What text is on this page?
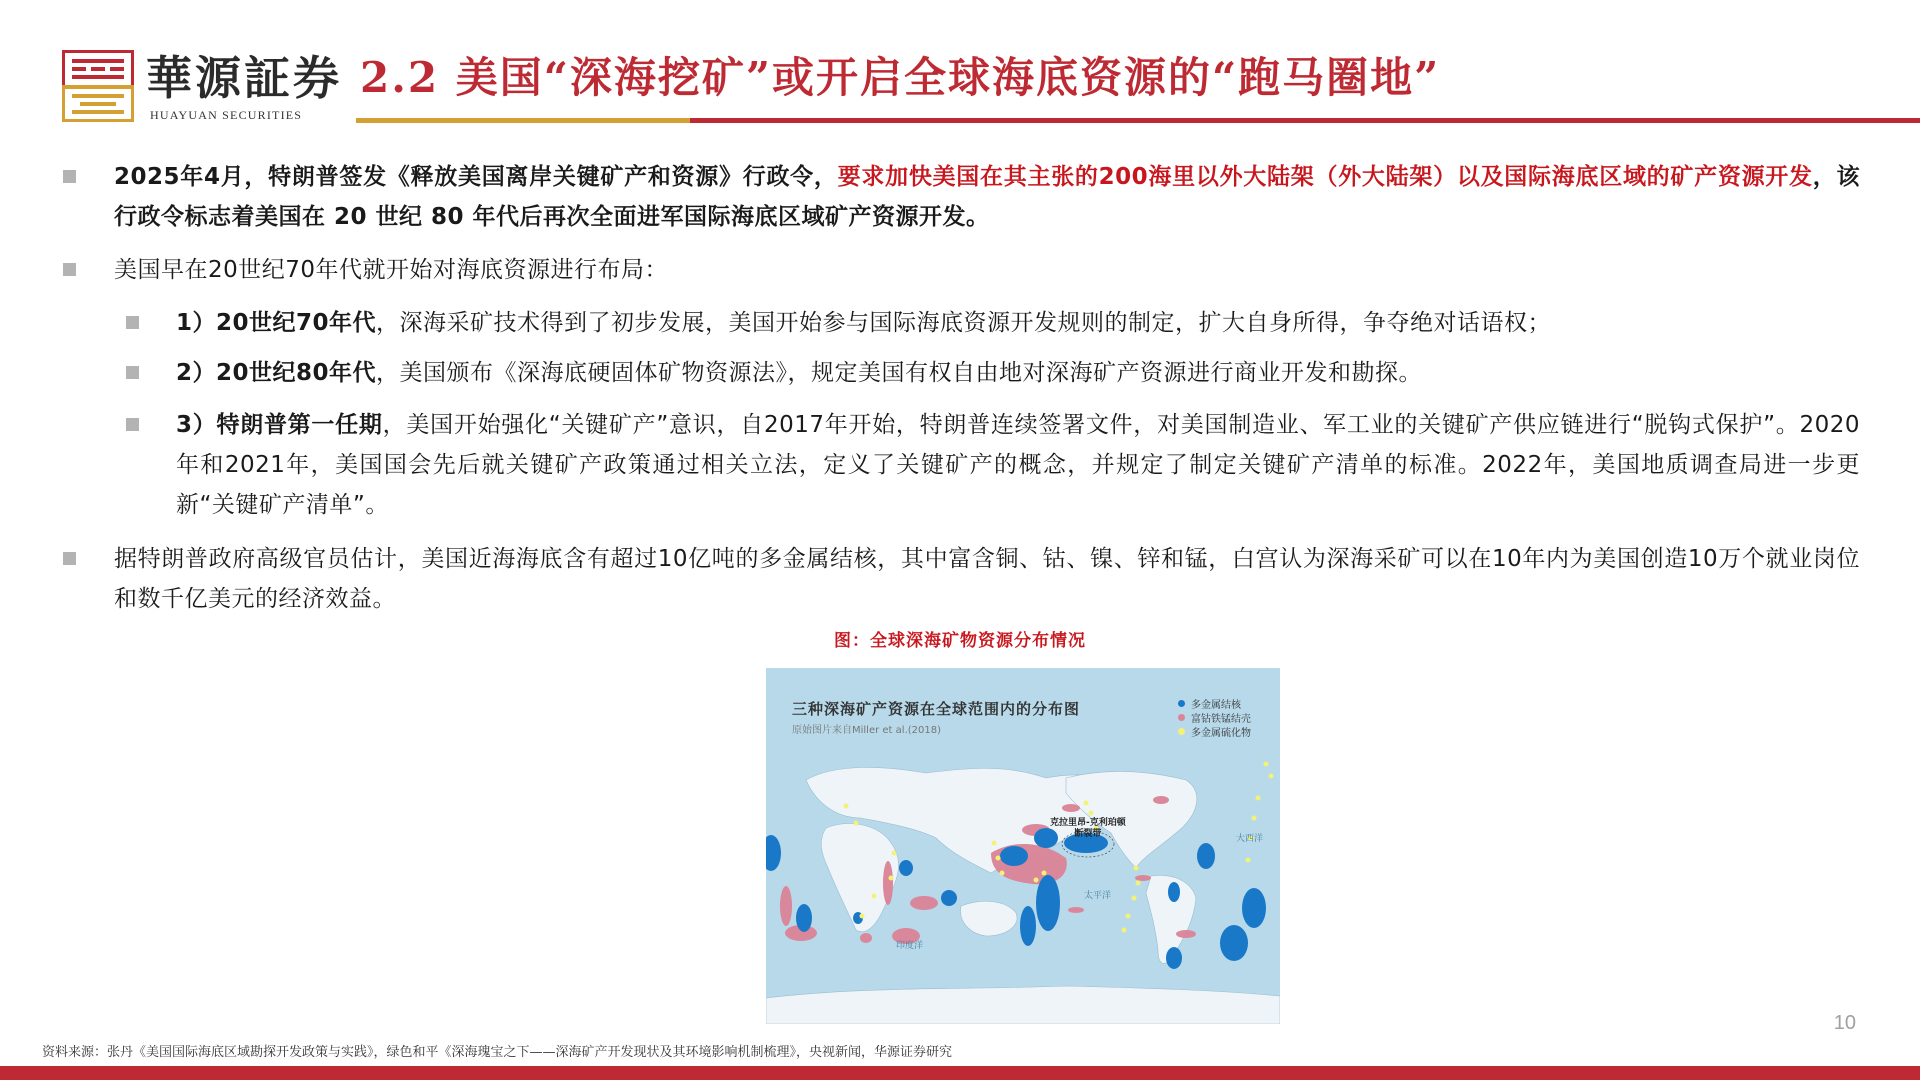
華源証券
HUAYUAN SECURITIES
2.2 美国“深海挖矿”或开启全球海底资源的“跑马圈地”
2025年4月，特朗普签发《释放美国离岸关键矿产和资源》行政令，要求加快美国在其主张的200海里以外大陆架（外大陆架）以及国际海底区域的矿产资源开发，该行政令标志着美国在 20 世纪 80 年代后再次全面进军国际海底区域矿产资源开发。
美国早在20世纪70年代就开始对海底资源进行布局：
1）20世纪70年代，深海采矿技术得到了初步发展，美国开始参与国际海底资源开发规则的制定，扩大自身所得，争夺绝对话语权；
2）20世纪80年代，美国颁布《深海底硬固体矿物资源法》，规定美国有权自由地对深海矿产资源进行商业开发和勘探。
3）特朗普第一任期，美国开始强化“关键矿产”意识，自2017年开始，特朗普连续签署文件，对美国制造业、军工业的关键矿产供应链进行“脱钩式保护”。2020年和2021年，美国国会先后就关键矿产政策通过相关立法，定义了关键矿产的概念，并规定了制定关键矿产清单的标准。2022年，美国地质调查局进一步更新“关键矿产清单”。
据特朗普政府高级官员估计，美国近海海底含有超过10亿吨的多金属结核，其中富含铜、钴、镍、锌和锰，白宫认为深海采矿可以在10年内为美国创造10万个就业岗位和数千亿美元的经济效益。
图：全球深海矿物资源分布情况
三种深海矿产资源在全球范围内的分布图
原始图片来自Miller et al.(2018)
多金属结核
富钴铁锰结壳
多金属硫化物
克拉里昂-克利珀顿
断裂带
太平洋
大西洋
印度洋
10
资料来源：张丹《美国国际海底区域勘探开发政策与实践》，绿色和平《深海瑰宝之下——深海矿产开发现状及其环境影响机制梳理》，央视新闻，华源证券研究
